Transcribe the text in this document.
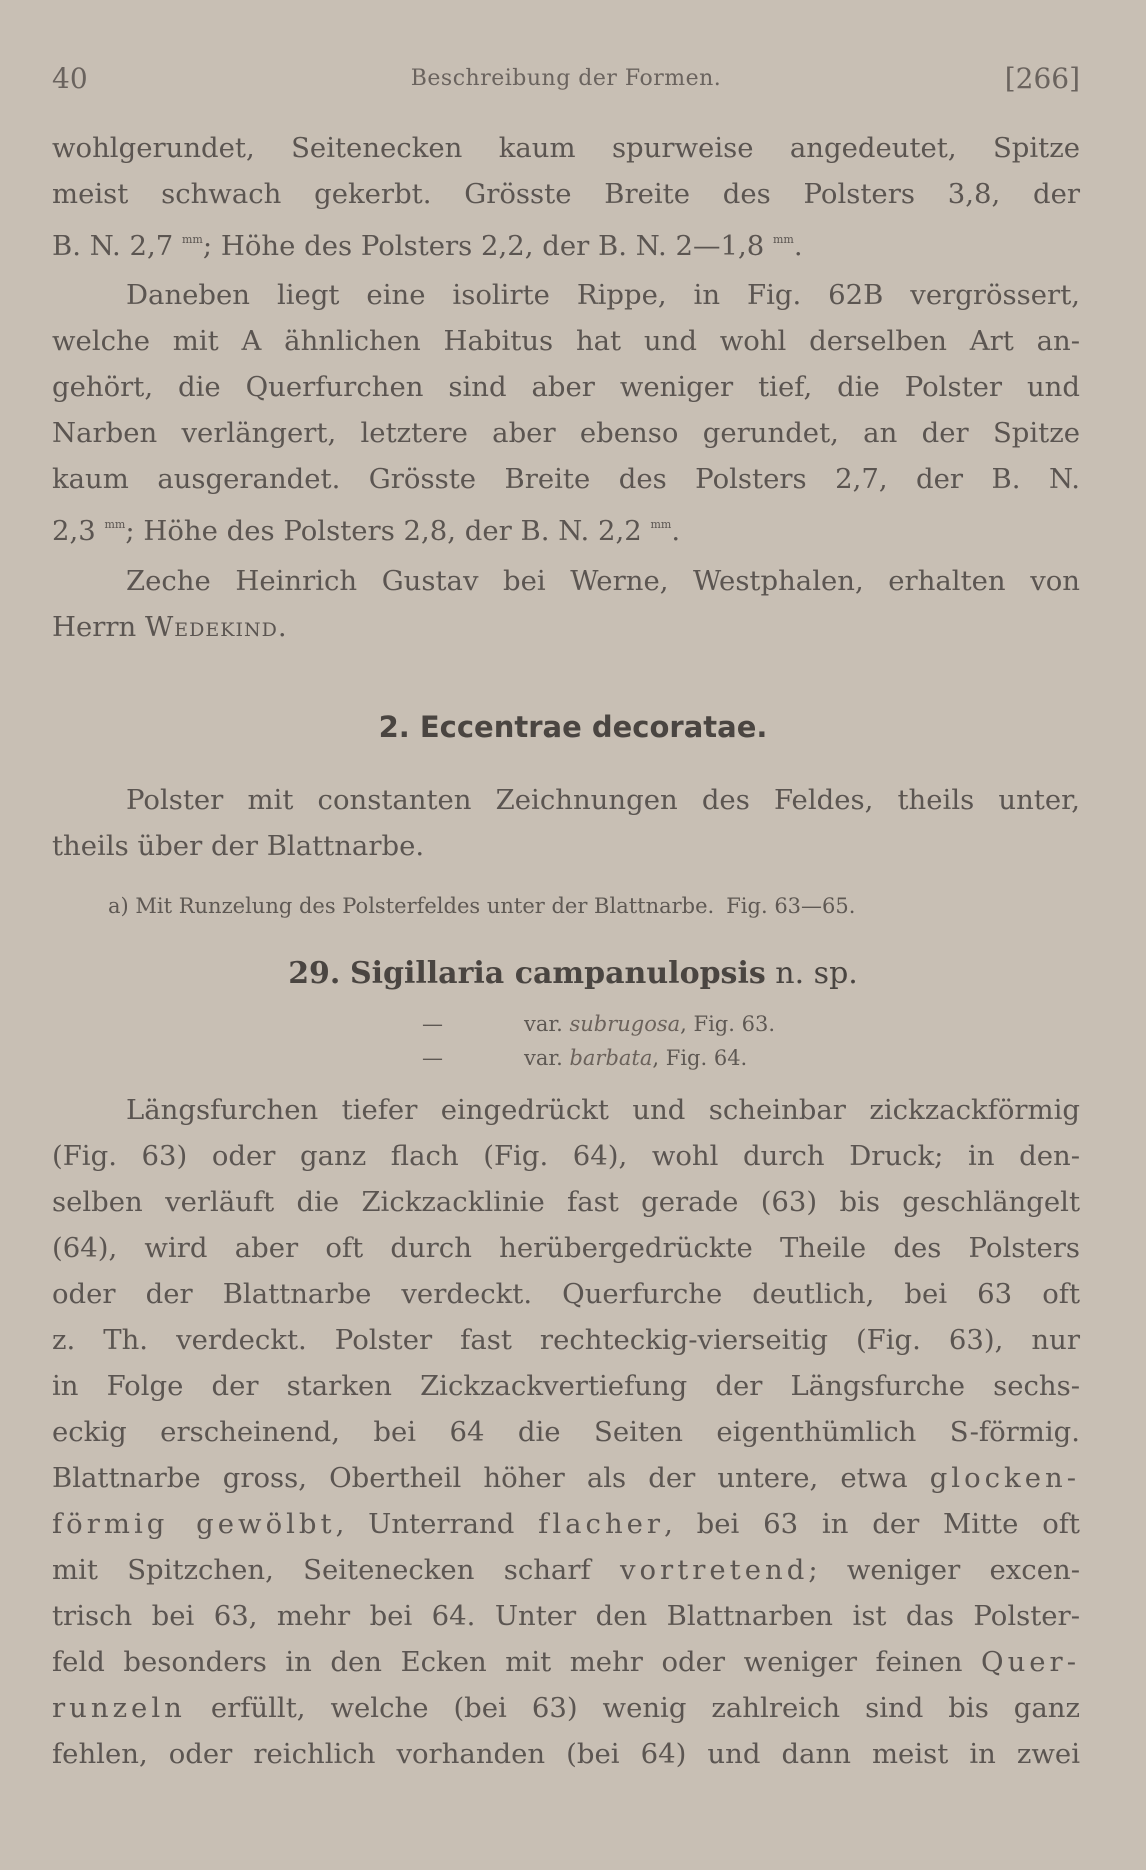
40	Beschreibung der Formen.	[266]
wohlgerundet, Seitenecken kaum spurweise angedeutet, Spitze
meist schwach gekerbt. Grösste Breite des Polsters 3,8, der
B. N. 2,7 $^{mm}$; Höhe des Polsters 2,2, der B. N. 2—1,8 $^{mm}$.
Daneben liegt eine isolirte Rippe, in Fig. 62B vergrössert,
welche mit A ähnlichen Habitus hat und wohl derselben Art an-
gehört, die Querfurchen sind aber weniger tief, die Polster und
Narben verlängert, letztere aber ebenso gerundet, an der Spitze
kaum ausgerandet. Grösste Breite des Polsters 2,7, der B. N.
2,3 $^{mm}$; Höhe des Polsters 2,8, der B. N. 2,2 $^{mm}$.
Zeche Heinrich Gustav bei Werne, Westphalen, erhalten von
Herrn Wedekind.
2. Eccentrae decoratae.
Polster mit constanten Zeichnungen des Feldes, theils unter,
theils über der Blattnarbe.
a) Mit Runzelung des Polsterfeldes unter der Blattnarbe. Fig. 63—65.
29. Sigillaria campanulopsis n. sp.
—	var. subrugosa, Fig. 63.
—	var. barbata, Fig. 64.
Längsfurchen tiefer eingedrückt und scheinbar zickzackförmig
(Fig. 63) oder ganz flach (Fig. 64), wohl durch Druck; in den-
selben verläuft die Zickzacklinie fast gerade (63) bis geschlängelt
(64), wird aber oft durch herübergedrückte Theile des Polsters
oder der Blattnarbe verdeckt. Querfurche deutlich, bei 63 oft
z. Th. verdeckt. Polster fast rechteckig-vierseitig (Fig. 63), nur
in Folge der starken Zickzackvertiefung der Längsfurche sechs-
eckig erscheinend, bei 64 die Seiten eigenthümlich S-förmig.
Blattnarbe gross, Obertheil höher als der untere, etwa glocken-
förmig gewölbt, Unterrand flacher, bei 63 in der Mitte oft
mit Spitzchen, Seitenecken scharf vortretend; weniger excen-
trisch bei 63, mehr bei 64. Unter den Blattnarben ist das Polster-
feld besonders in den Ecken mit mehr oder weniger feinen Quer-
runzeln erfüllt, welche (bei 63) wenig zahlreich sind bis ganz
fehlen, oder reichlich vorhanden (bei 64) und dann meist in zwei
